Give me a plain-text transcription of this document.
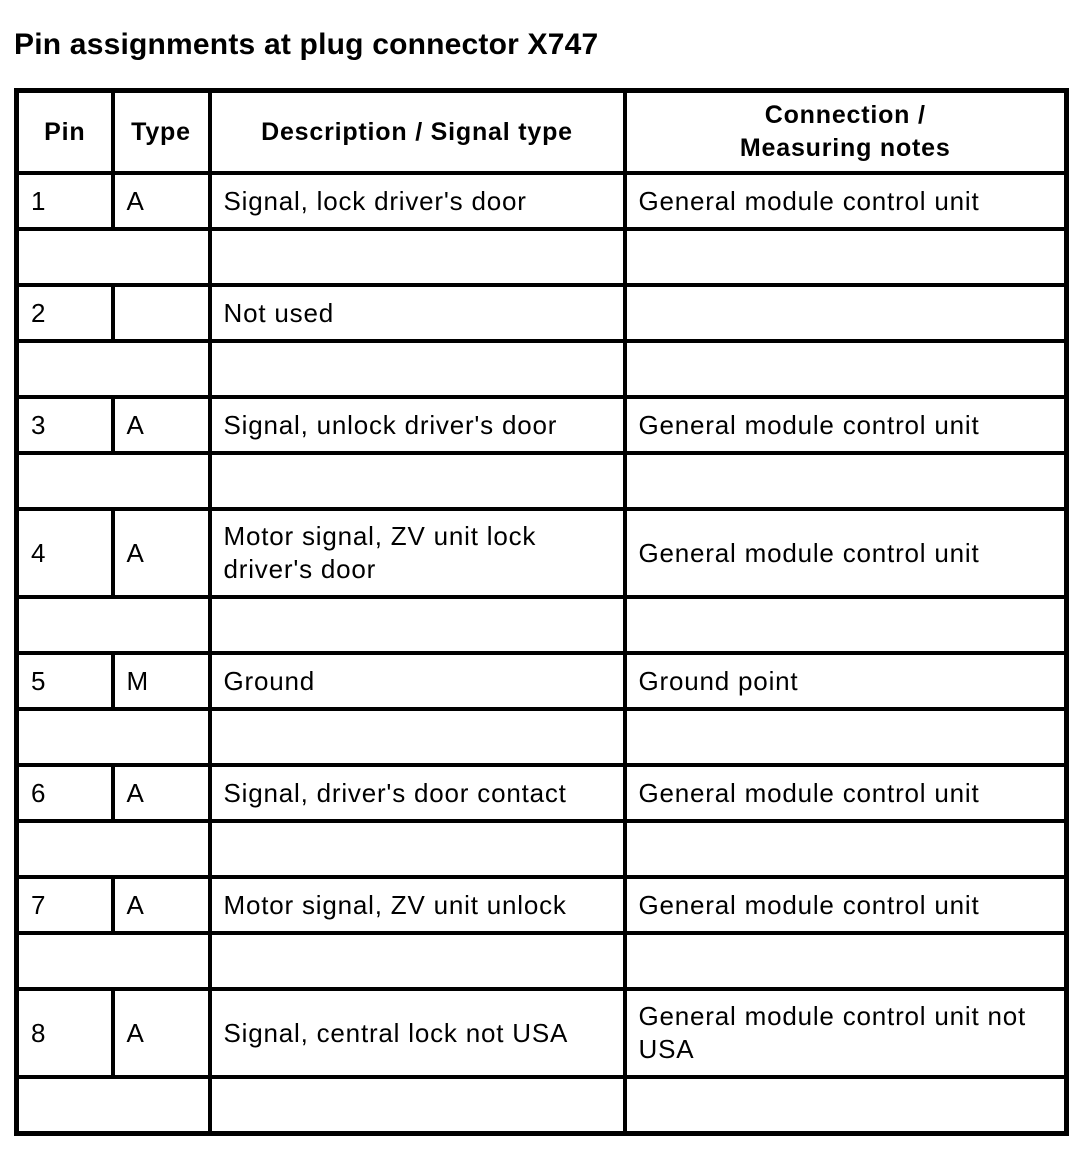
Pin assignments at plug connector X747
Pin	Type	Description / Signal type	Connection /
Measuring notes

1	A	Signal, lock driver's door	General module control unit

2		Not used	

3	A	Signal, unlock driver's door	General module control unit

4	A	Motor signal, ZV unit lock driver's door	General module control unit

5	M	Ground	Ground point

6	A	Signal, driver's door contact	General module control unit

7	A	Motor signal, ZV unit unlock	General module control unit

8	A	Signal, central lock not USA	General module control unit not USA
